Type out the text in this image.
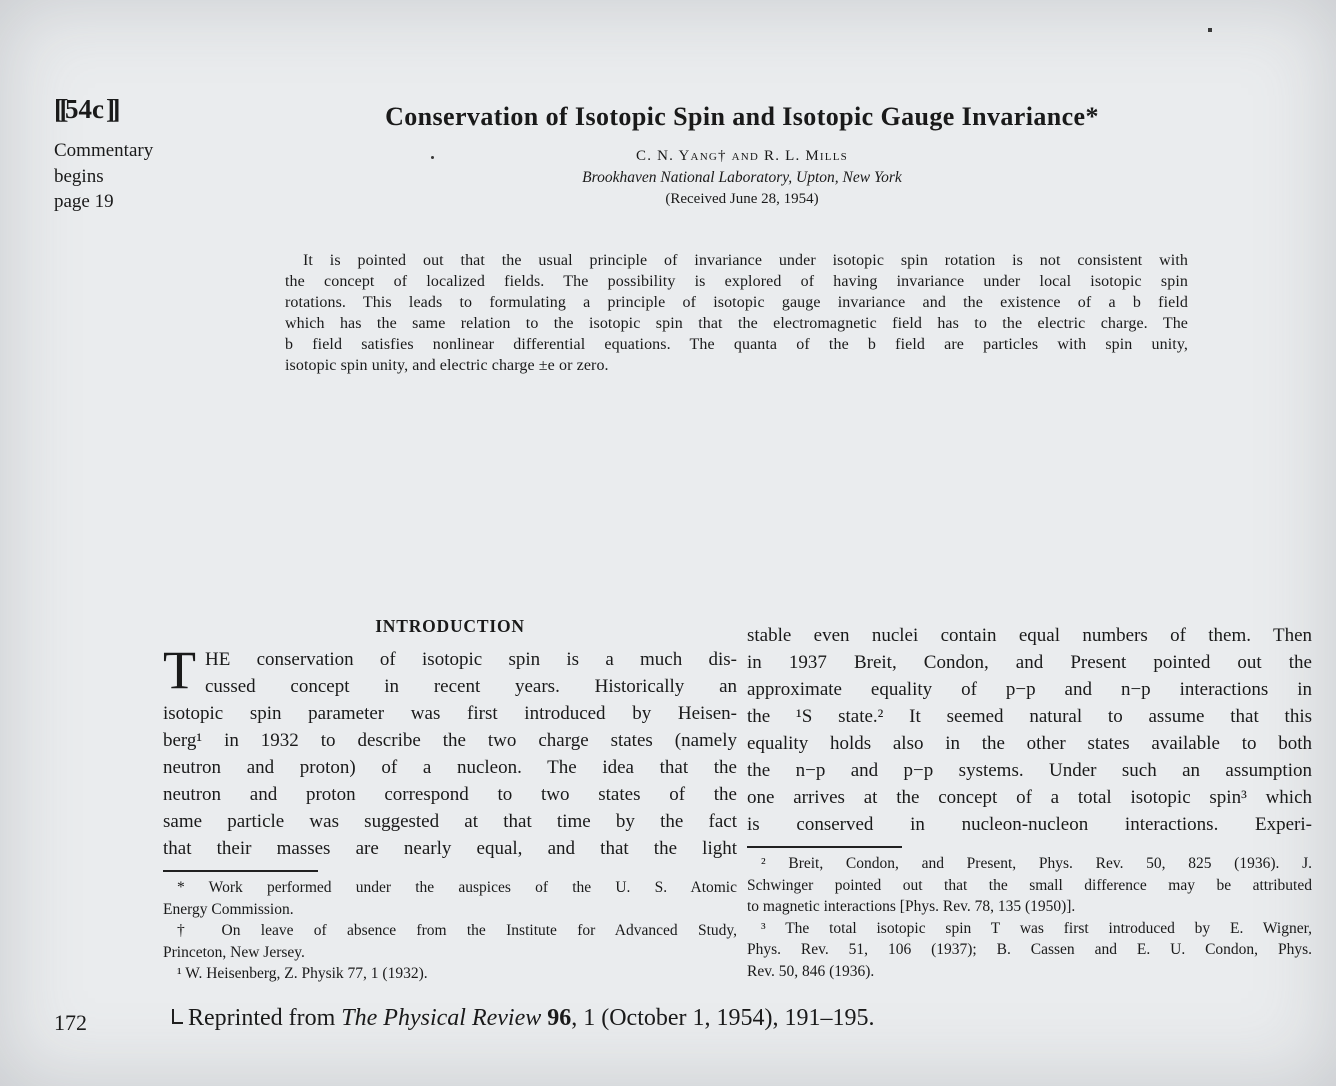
[[54c]]
Commentary
begins
page 19
Conservation of Isotopic Spin and Isotopic Gauge Invariance*
C. N. Yang† and R. L. Mills
Brookhaven National Laboratory, Upton, New York
(Received June 28, 1954)
It is pointed out that the usual principle of invariance under isotopic spin rotation is not consistent with
the concept of localized fields. The possibility is explored of having invariance under local isotopic spin
rotations. This leads to formulating a principle of isotopic gauge invariance and the existence of a b field
which has the same relation to the isotopic spin that the electromagnetic field has to the electric charge. The
b field satisfies nonlinear differential equations. The quanta of the b field are particles with spin unity,
isotopic spin unity, and electric charge ±e or zero.
INTRODUCTION
T HE conservation of isotopic spin is a much dis-
cussed concept in recent years. Historically an
isotopic spin parameter was first introduced by Heisen-
berg¹ in 1932 to describe the two charge states (namely
neutron and proton) of a nucleon. The idea that the
neutron and proton correspond to two states of the
same particle was suggested at that time by the fact
that their masses are nearly equal, and that the light
* Work performed under the auspices of the U. S. Atomic
Energy Commission.
† On leave of absence from the Institute for Advanced Study,
Princeton, New Jersey.
¹ W. Heisenberg, Z. Physik 77, 1 (1932).
stable even nuclei contain equal numbers of them. Then
in 1937 Breit, Condon, and Present pointed out the
approximate equality of p−p and n−p interactions in
the ¹S state.² It seemed natural to assume that this
equality holds also in the other states available to both
the n−p and p−p systems. Under such an assumption
one arrives at the concept of a total isotopic spin³ which
is conserved in nucleon-nucleon interactions. Experi-
² Breit, Condon, and Present, Phys. Rev. 50, 825 (1936). J.
Schwinger pointed out that the small difference may be attributed
to magnetic interactions [Phys. Rev. 78, 135 (1950)].
³ The total isotopic spin T was first introduced by E. Wigner,
Phys. Rev. 51, 106 (1937); B. Cassen and E. U. Condon, Phys.
Rev. 50, 846 (1936).
172	Reprinted from The Physical Review 96, 1 (October 1, 1954), 191–195.
